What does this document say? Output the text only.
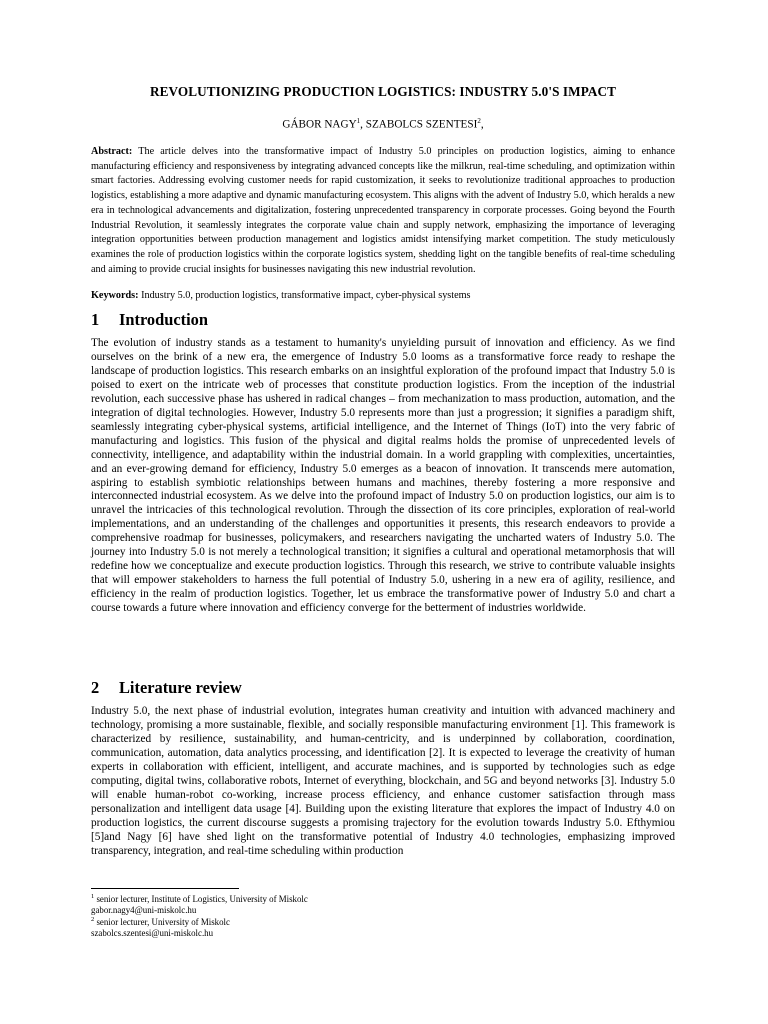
REVOLUTIONIZING PRODUCTION LOGISTICS: INDUSTRY 5.0'S IMPACT
GÁBOR NAGY$^1$, SZABOLCS SZENTESI$^2$,
Abstract: The article delves into the transformative impact of Industry 5.0 principles on production logistics, aiming to enhance manufacturing efficiency and responsiveness by integrating advanced concepts like the milkrun, real-time scheduling, and optimization within smart factories. Addressing evolving customer needs for rapid customization, it seeks to revolutionize traditional approaches to production logistics, establishing a more adaptive and dynamic manufacturing ecosystem. This aligns with the advent of Industry 5.0, which heralds a new era in technological advancements and digitalization, fostering unprecedented transparency in corporate processes. Going beyond the Fourth Industrial Revolution, it seamlessly integrates the corporate value chain and supply network, emphasizing the importance of leveraging integration opportunities between production management and logistics amidst intensifying market competition. The study meticulously examines the role of production logistics within the corporate logistics system, shedding light on the tangible benefits of real-time scheduling and aiming to provide crucial insights for businesses navigating this new industrial revolution.
Keywords: Industry 5.0, production logistics, transformative impact, cyber-physical systems
1 Introduction
The evolution of industry stands as a testament to humanity's unyielding pursuit of innovation and efficiency. As we find ourselves on the brink of a new era, the emergence of Industry 5.0 looms as a transformative force ready to reshape the landscape of production logistics. This research embarks on an insightful exploration of the profound impact that Industry 5.0 is poised to exert on the intricate web of processes that constitute production logistics. From the inception of the industrial revolution, each successive phase has ushered in radical changes – from mechanization to mass production, automation, and the integration of digital technologies. However, Industry 5.0 represents more than just a progression; it signifies a paradigm shift, seamlessly integrating cyber-physical systems, artificial intelligence, and the Internet of Things (IoT) into the very fabric of manufacturing and logistics. This fusion of the physical and digital realms holds the promise of unprecedented levels of connectivity, intelligence, and adaptability within the industrial domain. In a world grappling with complexities, uncertainties, and an ever-growing demand for efficiency, Industry 5.0 emerges as a beacon of innovation. It transcends mere automation, aspiring to establish symbiotic relationships between humans and machines, thereby fostering a more responsive and interconnected industrial ecosystem. As we delve into the profound impact of Industry 5.0 on production logistics, our aim is to unravel the intricacies of this technological revolution. Through the dissection of its core principles, exploration of real-world implementations, and an understanding of the challenges and opportunities it presents, this research endeavors to provide a comprehensive roadmap for businesses, policymakers, and researchers navigating the uncharted waters of Industry 5.0. The journey into Industry 5.0 is not merely a technological transition; it signifies a cultural and operational metamorphosis that will redefine how we conceptualize and execute production logistics. Through this research, we strive to contribute valuable insights that will empower stakeholders to harness the full potential of Industry 5.0, ushering in a new era of agility, resilience, and efficiency in the realm of production logistics. Together, let us embrace the transformative power of Industry 5.0 and chart a course towards a future where innovation and efficiency converge for the betterment of industries worldwide.
2 Literature review
Industry 5.0, the next phase of industrial evolution, integrates human creativity and intuition with advanced machinery and technology, promising a more sustainable, flexible, and socially responsible manufacturing environment [1]. This framework is characterized by resilience, sustainability, and human-centricity, and is underpinned by collaboration, coordination, communication, automation, data analytics processing, and identification [2]. It is expected to leverage the creativity of human experts in collaboration with efficient, intelligent, and accurate machines, and is supported by technologies such as edge computing, digital twins, collaborative robots, Internet of everything, blockchain, and 5G and beyond networks [3]. Industry 5.0 will enable human-robot co-working, increase process efficiency, and enhance customer satisfaction through mass personalization and intelligent data usage [4]. Building upon the existing literature that explores the impact of Industry 4.0 on production logistics, the current discourse suggests a promising trajectory for the evolution towards Industry 5.0. Efthymiou [5]and Nagy [6] have shed light on the transformative potential of Industry 4.0 technologies, emphasizing improved transparency, integration, and real-time scheduling within production
$^1$ senior lecturer, Institute of Logistics, University of Miskolc
gabor.nagy4@uni-miskolc.hu
$^2$ senior lecturer, University of Miskolc
szabolcs.szentesi@uni-miskolc.hu
